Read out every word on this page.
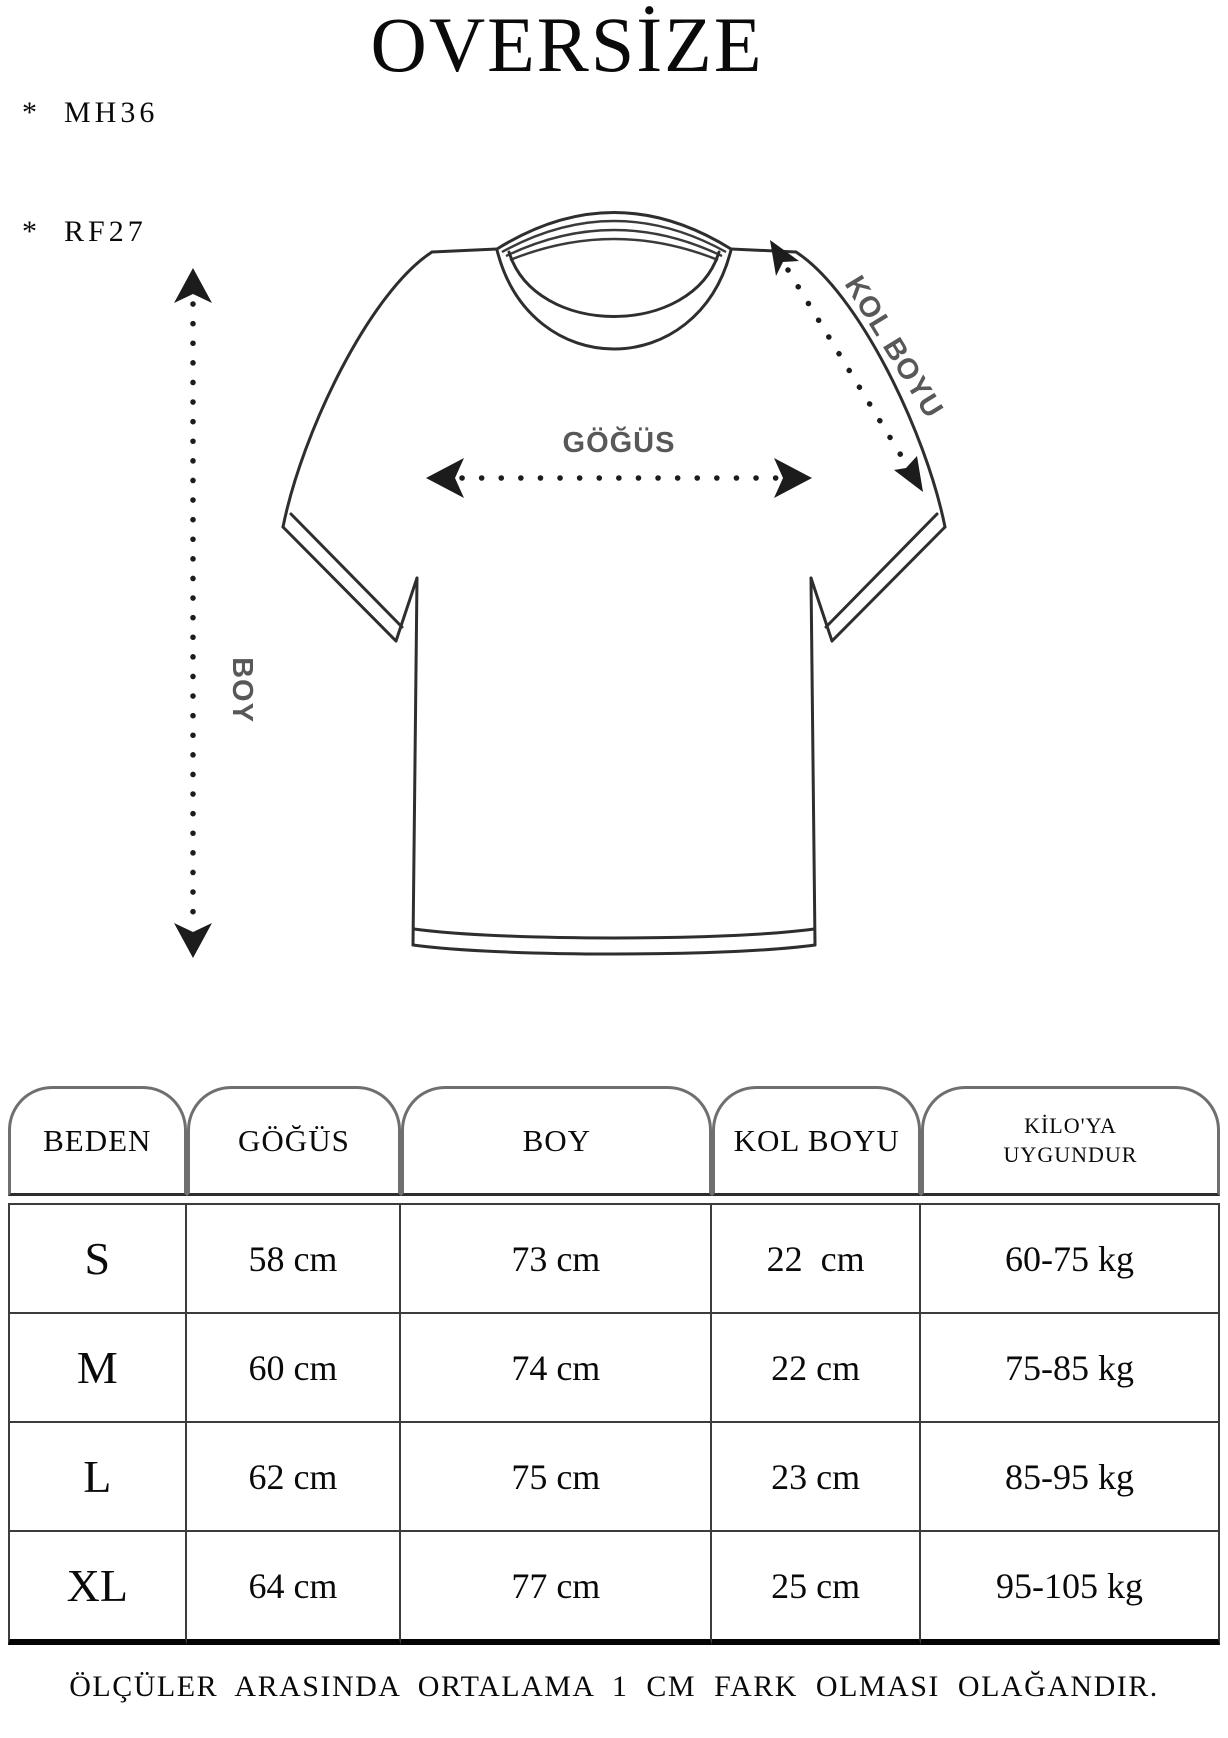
*  MH36

*  RF27

OVERSİZE
BOY
GÖĞÜS
KOL BOYU
BEDEN	GÖĞÜS	BOY	KOL BOYU	KİLO'YA UYGUNDUR
S	58 cm	73 cm	22  cm	60-75 kg
M	60 cm	74 cm	22 cm	75-85 kg
L	62 cm	75 cm	23 cm	85-95 kg
XL	64 cm	77 cm	25 cm	95-105 kg
ÖLÇÜLER ARASINDA ORTALAMA 1 CM FARK OLMASI OLAĞANDIR.
